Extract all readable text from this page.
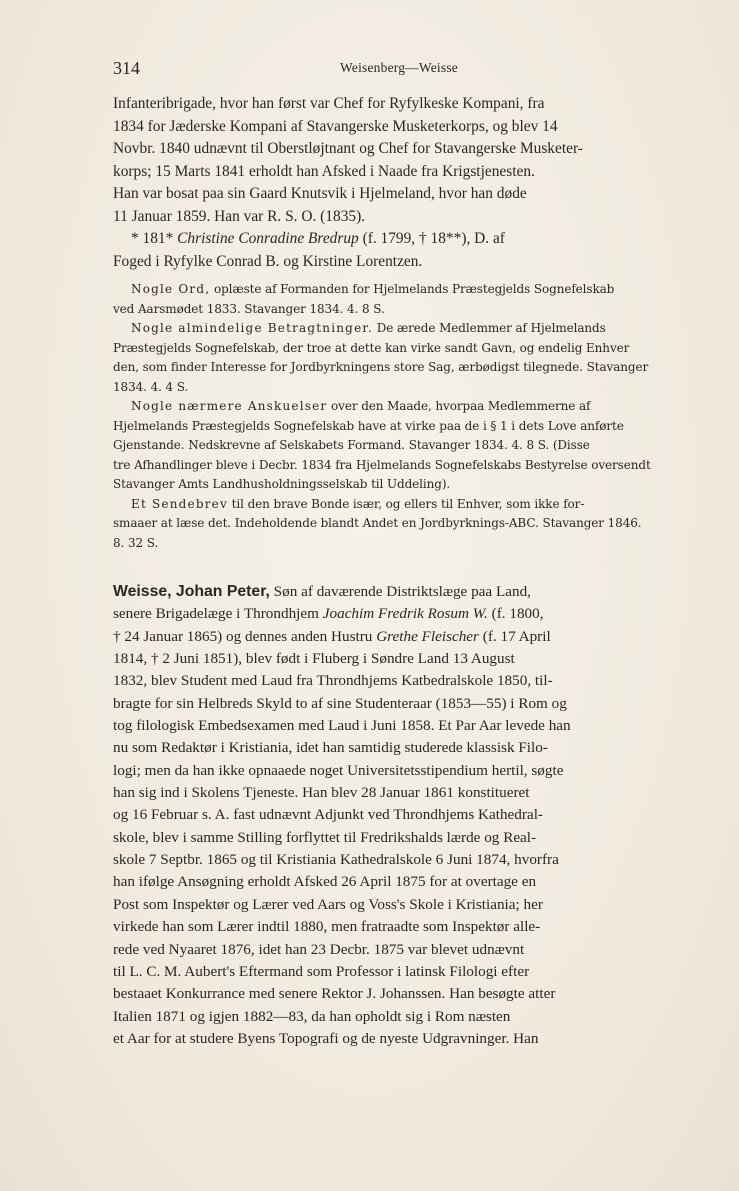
314	Weisenberg—Weisse
Infanteribrigade, hvor han først var Chef for Ryfylkeske Kompani, fra
1834 for Jæderske Kompani af Stavangerske Musketerkorps, og blev 14
Novbr. 1840 udnævnt til Oberstløjtnant og Chef for Stavangerske Musketer-
korps; 15 Marts 1841 erholdt han Afsked i Naade fra Krigstjenesten.
Han var bosat paa sin Gaard Knutsvik i Hjelmeland, hvor han døde
11 Januar 1859. Han var R. S. O. (1835).
* 181* Christine Conradine Bredrup (f. 1799, † 18**), D. af
Foged i Ryfylke Conrad B. og Kirstine Lorentzen.
Nogle Ord, oplæste af Formanden for Hjelmelands Præstegjelds Sognefelskab
ved Aarsmødet 1833. Stavanger 1834. 4. 8 S.
Nogle almindelige Betragtninger. De ærede Medlemmer af Hjelmelands
Præstegjelds Sognefelskab, der troe at dette kan virke sandt Gavn, og endelig Enhver
den, som finder Interesse for Jordbyrkningens store Sag, ærbødigst tilegnede. Stavanger
1834. 4. 4 S.
Nogle nærmere Anskuelser over den Maade, hvorpaa Medlemmerne af
Hjelmelands Præstegjelds Sognefelskab have at virke paa de i § 1 i dets Love anførte
Gjenstande. Nedskrevne af Selskabets Formand. Stavanger 1834. 4. 8 S. (Disse
tre Afhandlinger bleve i Decbr. 1834 fra Hjelmelands Sognefelskabs Bestyrelse oversendt
Stavanger Amts Landhusholdningsselskab til Uddeling).
Et Sendebrev til den brave Bonde især, og ellers til Enhver, som ikke for-
smaaer at læse det. Indeholdende blandt Andet en Jordbyrknings-ABC. Stavanger 1846.
8. 32 S.
Weisse, Johan Peter, Søn af daværende Distriktslæge paa Land,
senere Brigadelæge i Throndhjem Joachim Fredrik Rosum W. (f. 1800,
† 24 Januar 1865) og dennes anden Hustru Grethe Fleischer (f. 17 April
1814, † 2 Juni 1851), blev født i Fluberg i Søndre Land 13 August
1832, blev Student med Laud fra Throndhjems Katbedralskole 1850, til-
bragte for sin Helbreds Skyld to af sine Studenteraar (1853—55) i Rom og
tog filologisk Embedsexamen med Laud i Juni 1858. Et Par Aar levede han
nu som Redaktør i Kristiania, idet han samtidig studerede klassisk Filo-
logi; men da han ikke opnaaede noget Universitetsstipendium hertil, søgte
han sig ind i Skolens Tjeneste. Han blev 28 Januar 1861 konstitueret
og 16 Februar s. A. fast udnævnt Adjunkt ved Throndhjems Kathedral-
skole, blev i samme Stilling forflyttet til Fredrikshalds lærde og Real-
skole 7 Septbr. 1865 og til Kristiania Kathedralskole 6 Juni 1874, hvorfra
han ifølge Ansøgning erholdt Afsked 26 April 1875 for at overtage en
Post som Inspektør og Lærer ved Aars og Voss's Skole i Kristiania; her
virkede han som Lærer indtil 1880, men fratraadte som Inspektør alle-
rede ved Nyaaret 1876, idet han 23 Decbr. 1875 var blevet udnævnt
til L. C. M. Aubert's Eftermand som Professor i latinsk Filologi efter
bestaaet Konkurrance med senere Rektor J. Johanssen. Han besøgte atter
Italien 1871 og igjen 1882—83, da han opholdt sig i Rom næsten
et Aar for at studere Byens Topografi og de nyeste Udgravninger. Han
